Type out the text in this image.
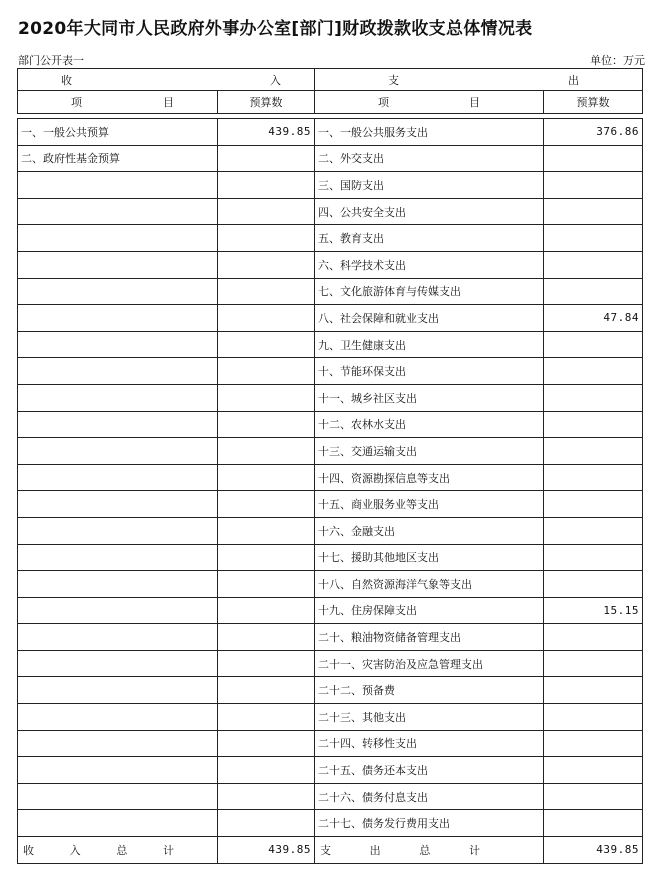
2020年大同市人民政府外事办公室[部门]财政拨款收支总体情况表
部门公开表一	单位：万元
收 入		支 出	

项 目	预算数	项 目	预算数

一、一般公共预算	439.85	一、一般公共服务支出	376.86
二、政府性基金预算		二、外交支出	
		三、国防支出	
		四、公共安全支出	
		五、教育支出	
		六、科学技术支出	
		七、文化旅游体育与传媒支出	
		八、社会保障和就业支出	47.84
		九、卫生健康支出	
		十、节能环保支出	
		十一、城乡社区支出	
		十二、农林水支出	
		十三、交通运输支出	
		十四、资源勘探信息等支出	
		十五、商业服务业等支出	
		十六、金融支出	
		十七、援助其他地区支出	
		十八、自然资源海洋气象等支出	
		十九、住房保障支出	15.15
		二十、粮油物资储备管理支出	
		二十一、灾害防治及应急管理支出	
		二十二、预备费	
		二十三、其他支出	
		二十四、转移性支出	
		二十五、债务还本支出	
		二十六、债务付息支出	
		二十七、债务发行费用支出	

收 入 总 计	439.85	支 出 总 计	439.85
